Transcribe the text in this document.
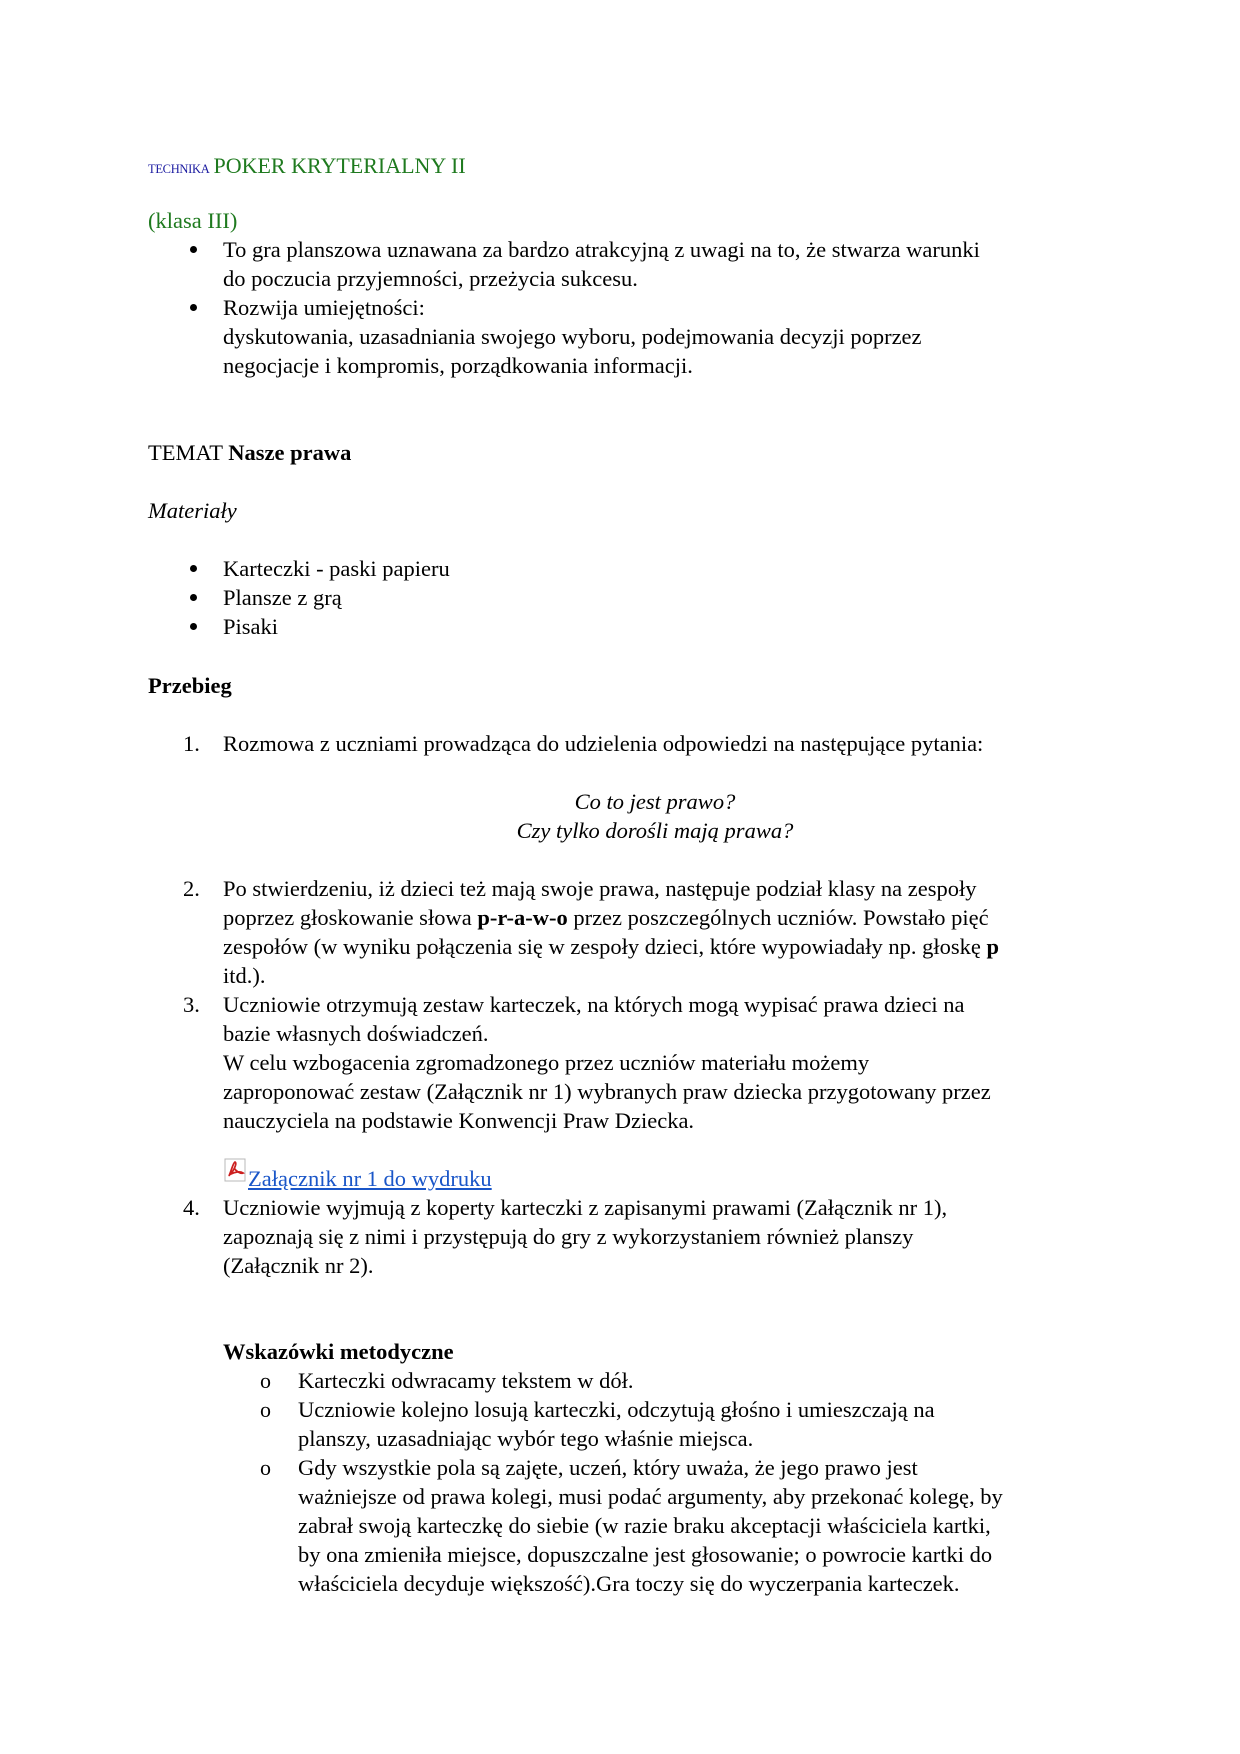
TECHNIKA POKER KRYTERIALNY II
(klasa III)
To gra planszowa uznawana za bardzo atrakcyjną z uwagi na to, że stwarza warunki
do poczucia przyjemności, przeżycia sukcesu.
Rozwija umiejętności:
dyskutowania, uzasadniania swojego wyboru, podejmowania decyzji poprzez
negocjacje i kompromis, porządkowania informacji.
TEMAT Nasze prawa
Materiały
Karteczki - paski papieru
Plansze z grą
Pisaki
Przebieg
1. Rozmowa z uczniami prowadząca do udzielenia odpowiedzi na następujące pytania:
Co to jest prawo?
Czy tylko dorośli mają prawa?
2. Po stwierdzeniu, iż dzieci też mają swoje prawa, następuje podział klasy na zespoły
poprzez głoskowanie słowa p-r-a-w-o przez poszczególnych uczniów. Powstało pięć
zespołów (w wyniku połączenia się w zespoły dzieci, które wypowiadały np. głoskę p
itd.).
3. Uczniowie otrzymują zestaw karteczek, na których mogą wypisać prawa dzieci na
bazie własnych doświadczeń.
W celu wzbogacenia zgromadzonego przez uczniów materiału możemy
zaproponować zestaw (Załącznik nr 1) wybranych praw dziecka przygotowany przez
nauczyciela na podstawie Konwencji Praw Dziecka.
Załącznik nr 1 do wydruku
4. Uczniowie wyjmują z koperty karteczki z zapisanymi prawami (Załącznik nr 1),
zapoznają się z nimi i przystępują do gry z wykorzystaniem również planszy
(Załącznik nr 2).
Wskazówki metodyczne
o Karteczki odwracamy tekstem w dół.
o Uczniowie kolejno losują karteczki, odczytują głośno i umieszczają na
planszy, uzasadniając wybór tego właśnie miejsca.
o Gdy wszystkie pola są zajęte, uczeń, który uważa, że jego prawo jest
ważniejsze od prawa kolegi, musi podać argumenty, aby przekonać kolegę, by
zabrał swoją karteczkę do siebie (w razie braku akceptacji właściciela kartki,
by ona zmieniła miejsce, dopuszczalne jest głosowanie; o powrocie kartki do
właściciela decyduje większość).Gra toczy się do wyczerpania karteczek.
